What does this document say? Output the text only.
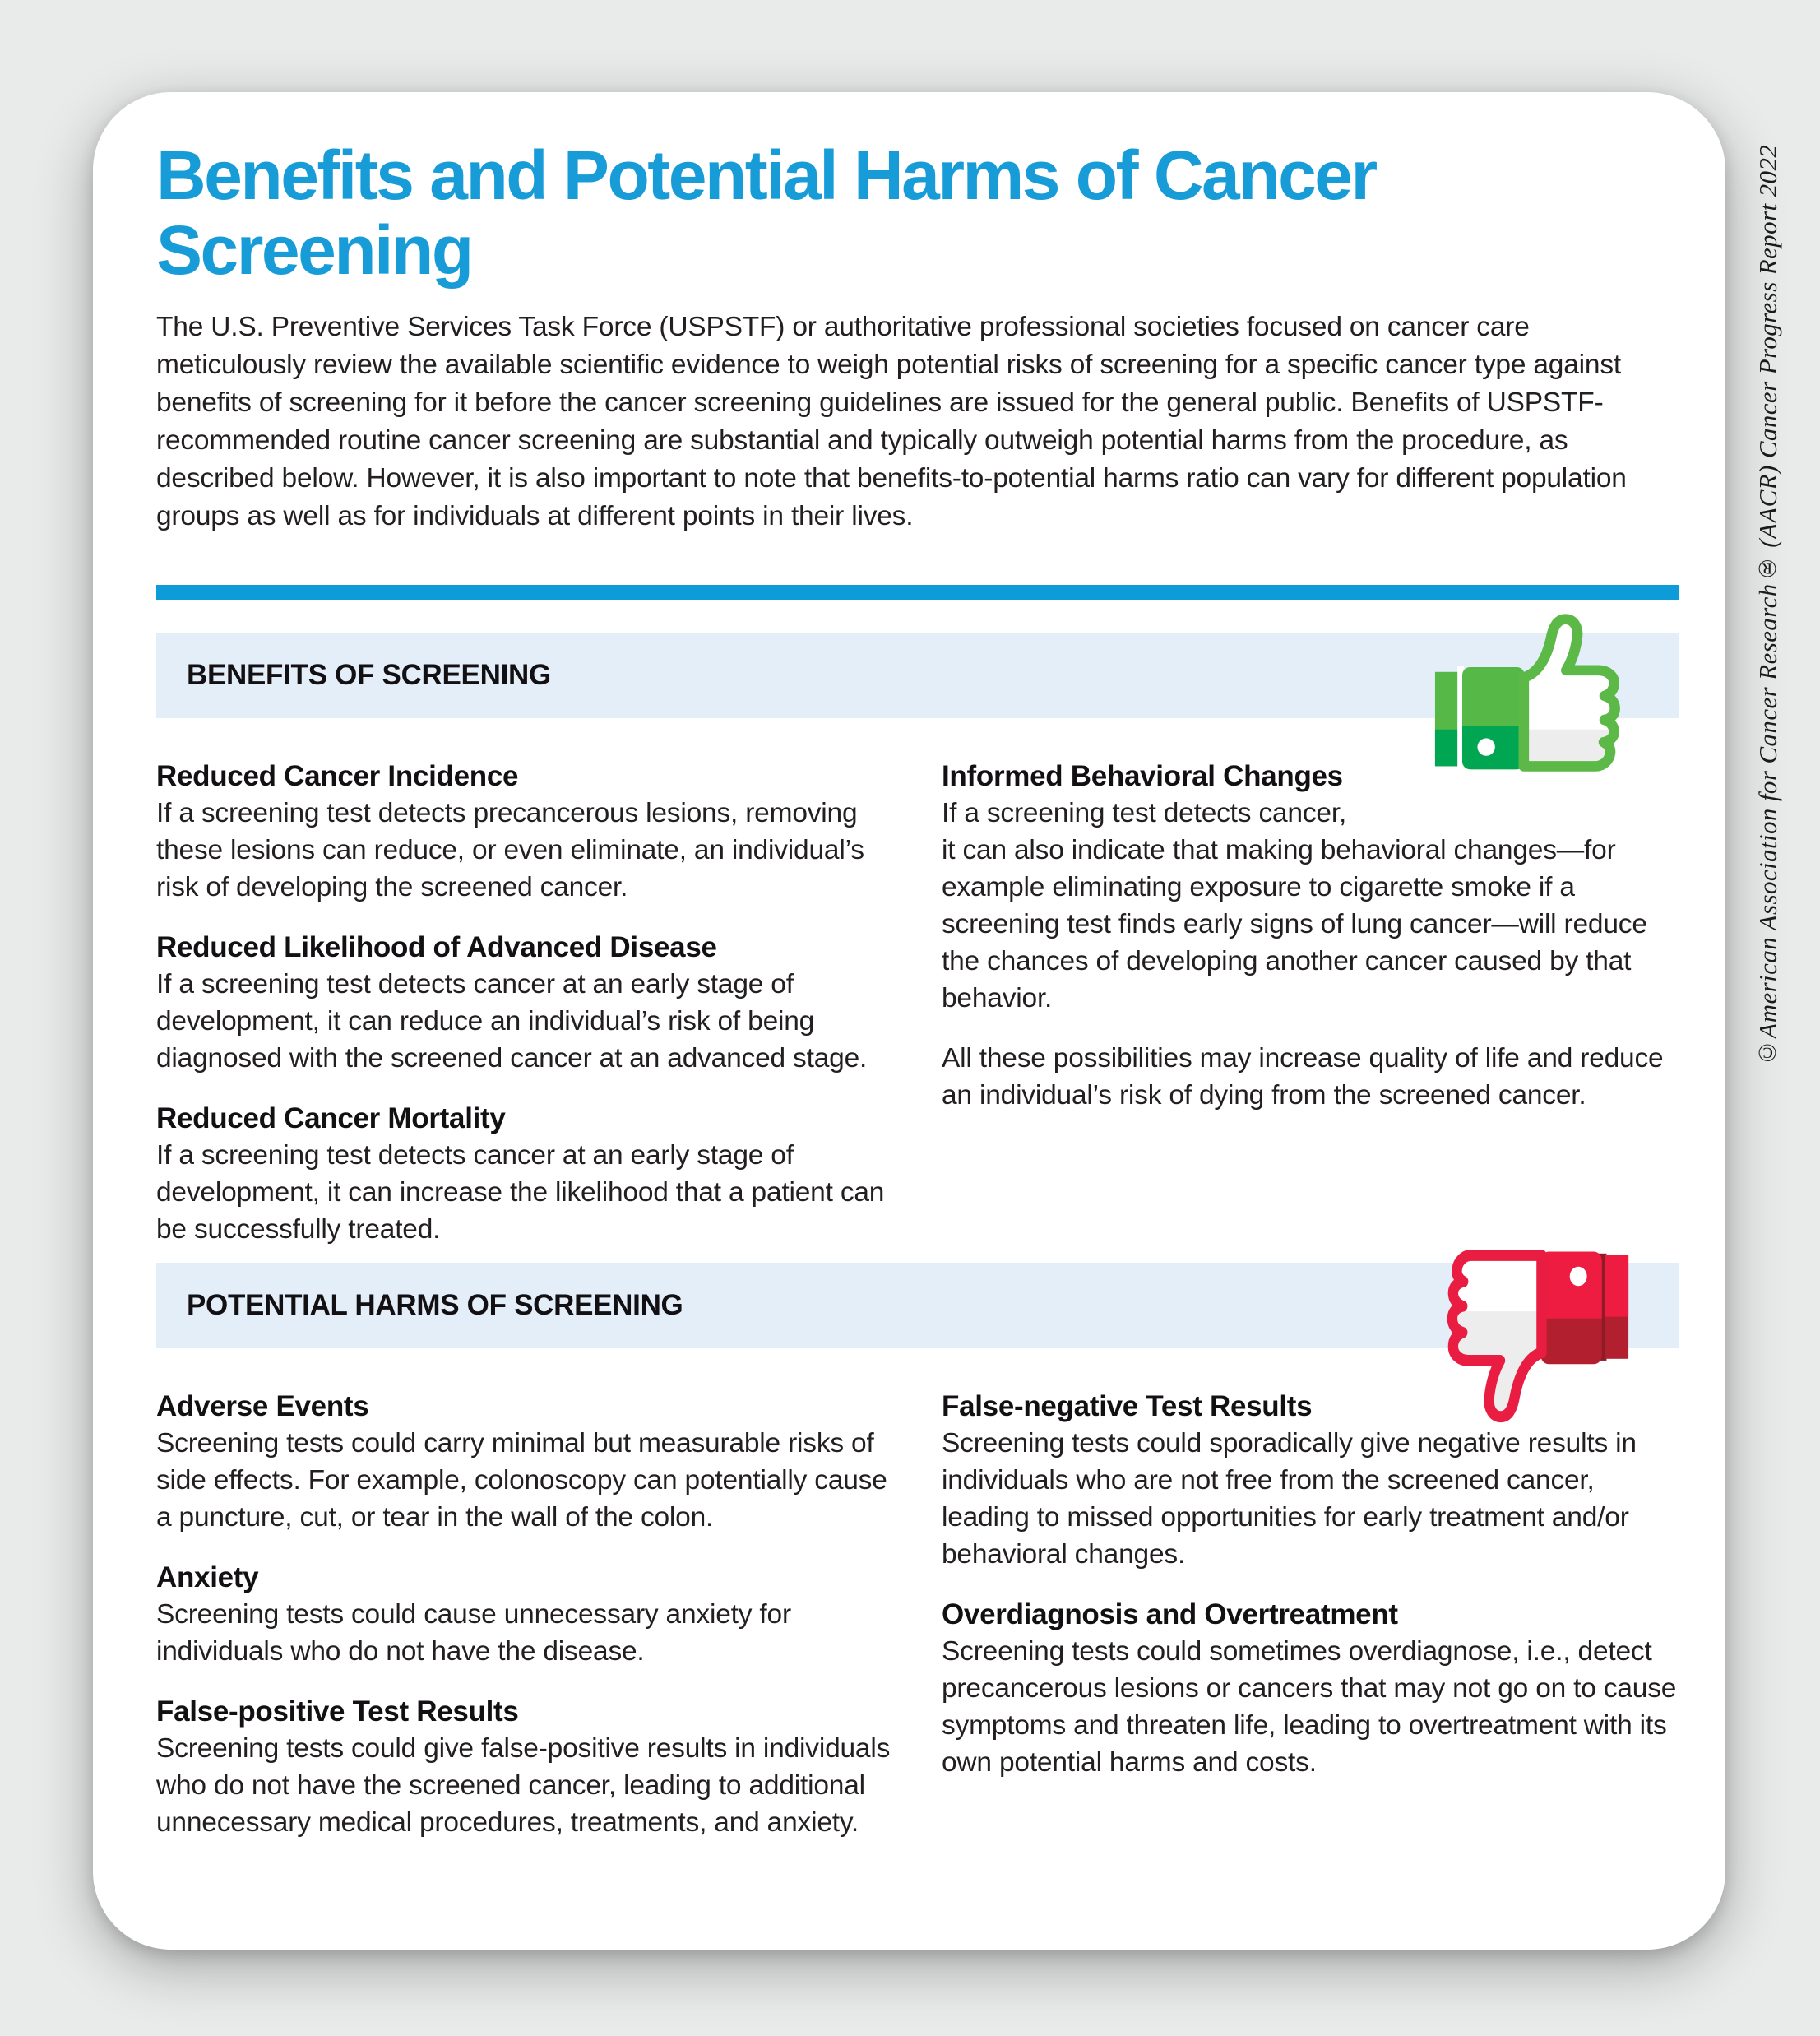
Benefits and Potential Harms of Cancer Screening

The U.S. Preventive Services Task Force (USPSTF) or authoritative professional societies focused on cancer care meticulously review the available scientific evidence to weigh potential risks of screening for a specific cancer type against benefits of screening for it before the cancer screening guidelines are issued for the general public. Benefits of USPSTF-recommended routine cancer screening are substantial and typically outweigh potential harms from the procedure, as described below. However, it is also important to note that benefits-to-potential harms ratio can vary for different population groups as well as for individuals at different points in their lives.

BENEFITS OF SCREENING
Reduced Cancer Incidence

If a screening test detects precancerous lesions, removing these lesions can reduce, or even eliminate, an individual’s risk of developing the screened cancer.

Reduced Likelihood of Advanced Disease

If a screening test detects cancer at an early stage of development, it can reduce an individual’s risk of being diagnosed with the screened cancer at an advanced stage.

Reduced Cancer Mortality

If a screening test detects cancer at an early stage of development, it can increase the likelihood that a patient can be successfully treated.

Informed Behavioral Changes

If a screening test detects cancer,
it can also indicate that making behavioral changes—for example eliminating exposure to cigarette smoke if a screening test finds early signs of lung cancer—will reduce the chances of developing another cancer caused by that behavior.

All these possibilities may increase quality of life and reduce an individual’s risk of dying from the screened cancer.

POTENTIAL HARMS OF SCREENING
Adverse Events

Screening tests could carry minimal but measurable risks of side effects. For example, colonoscopy can potentially cause a puncture, cut, or tear in the wall of the colon.

Anxiety

Screening tests could cause unnecessary anxiety for individuals who do not have the disease.

False-positive Test Results

Screening tests could give false-positive results in individuals who do not have the screened cancer, leading to additional unnecessary medical procedures, treatments, and anxiety.

False-negative Test Results

Screening tests could sporadically give negative results in individuals who are not free from the screened cancer, leading to missed opportunities for early treatment and/or behavioral changes.

Overdiagnosis and Overtreatment

Screening tests could sometimes overdiagnose, i.e., detect precancerous lesions or cancers that may not go on to cause symptoms and threaten life, leading to overtreatment with its own potential harms and costs.

©American Association for Cancer Research® (AACR) Cancer Progress Report 2022
